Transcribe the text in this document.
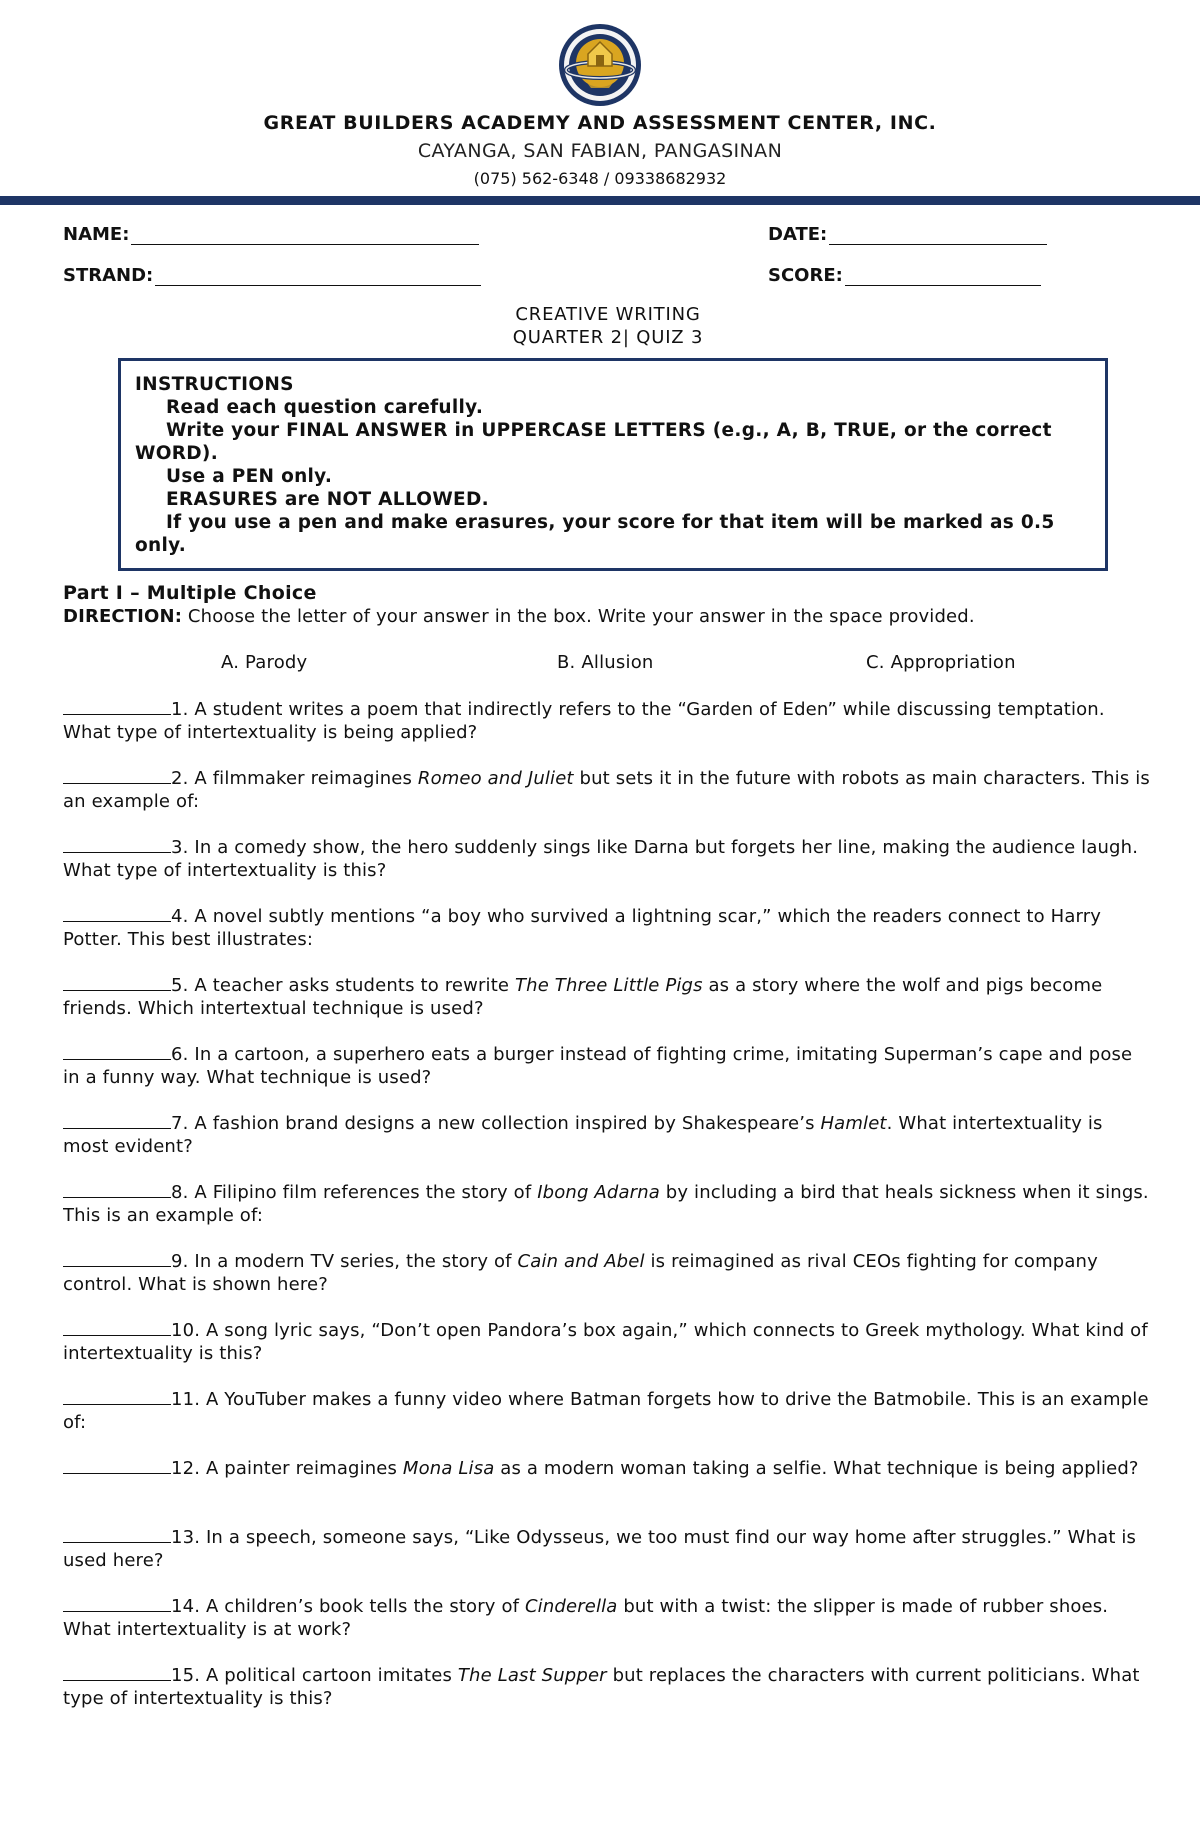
GREAT BUILDERS ACADEMY AND ASSESSMENT CENTER, INC.
CAYANGA, SAN FABIAN, PANGASINAN
(075) 562-6348 / 09338682932
NAME:
STRAND:
DATE:
SCORE:
CREATIVE WRITING
QUARTER 2| QUIZ 3
INSTRUCTIONS
Read each question carefully.
Write your FINAL ANSWER in UPPERCASE LETTERS (e.g., A, B, TRUE, or the correct WORD).
Use a PEN only.
ERASURES are NOT ALLOWED.
If you use a pen and make erasures, your score for that item will be marked as 0.5 only.
Part I – Multiple Choice
DIRECTION: Choose the letter of your answer in the box. Write your answer in the space provided.
A. Parody	B. Allusion	C. Appropriation
1. A student writes a poem that indirectly refers to the “Garden of Eden” while discussing temptation. What type of intertextuality is being applied?
2. A filmmaker reimagines Romeo and Juliet but sets it in the future with robots as main characters. This is an example of:
3. In a comedy show, the hero suddenly sings like Darna but forgets her line, making the audience laugh. What type of intertextuality is this?
4. A novel subtly mentions “a boy who survived a lightning scar,” which the readers connect to Harry Potter. This best illustrates:
5. A teacher asks students to rewrite The Three Little Pigs as a story where the wolf and pigs become friends. Which intertextual technique is used?
6. In a cartoon, a superhero eats a burger instead of fighting crime, imitating Superman’s cape and pose in a funny way. What technique is used?
7. A fashion brand designs a new collection inspired by Shakespeare’s Hamlet. What intertextuality is most evident?
8. A Filipino film references the story of Ibong Adarna by including a bird that heals sickness when it sings. This is an example of:
9. In a modern TV series, the story of Cain and Abel is reimagined as rival CEOs fighting for company control. What is shown here?
10. A song lyric says, “Don’t open Pandora’s box again,” which connects to Greek mythology. What kind of intertextuality is this?
11. A YouTuber makes a funny video where Batman forgets how to drive the Batmobile. This is an example of:
12. A painter reimagines Mona Lisa as a modern woman taking a selfie. What technique is being applied?
13. In a speech, someone says, “Like Odysseus, we too must find our way home after struggles.” What is used here?
14. A children’s book tells the story of Cinderella but with a twist: the slipper is made of rubber shoes. What intertextuality is at work?
15. A political cartoon imitates The Last Supper but replaces the characters with current politicians. What type of intertextuality is this?
